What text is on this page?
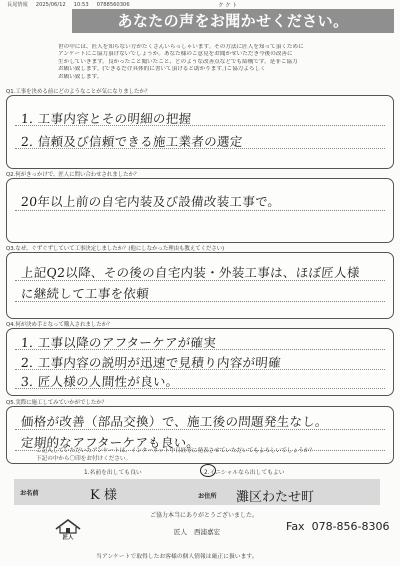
長尾情報 2025/06/12 10:53 0788560306	ククト
あなたの声をお聞かせください。
世の中には、匠人を知らない方がたくさんいらっしゃいます。その方法に匠人を知って頂くために
アンケートにご協力頂けないでしょうか。あなた様のご意見をお聞かせいただき今後の改善に
生かしていきます。良かったこと聞いたこと、どのような改善点などでも結構です。是非ご協力
お願い致します。(できるだけ具体的に書いて頂けると助かります。)ご協力よろしく
お願い致します。
Q1.工事を決める前にどのようなことが気になりましたか？
1. 工事内容とその明細の把握
2. 信頼及び信頼できる施工業者の選定
Q2.何がきっかけで、匠人に問い合わせされましたか？
20年以上前の自宅内装及び設備改装工事で。
Q3.なぜ、ぐずぐずしていて工事決定しましたか？(他にしなかった理由も教えてください)
上記Q2以降、その後の自宅内装・外装工事は、ほぼ匠人様
に継続して工事を依頼
Q4.何が決め手となって購入されましたか？
1. 工事以降のアフターケアが確実
2. 工事内容の説明が迅速で見積り内容が明確
3. 匠人様の人間性が良い。
Q5.実際に施工してみていかがでしたか？
価格が改善（部品交換）で、施工後の問題発生なし。
定期的なアフターケアも良い。
ご記入していただいたアンケートは、インターネット中日経等に発表させていただいてもよろしいでしょうか？
下記の中から〇印をお付けください。
1.名前を出しても良い	2.イニシャルなら出してもよい
お名前	K 様	お住所 灘区わたせ町
ご協力本当にありがとうございました。
匠人
匠人 西浦嘉宏	Fax 078-856-8306
当アンケートで取得したお客様の個人情報は厳正に扱います。
